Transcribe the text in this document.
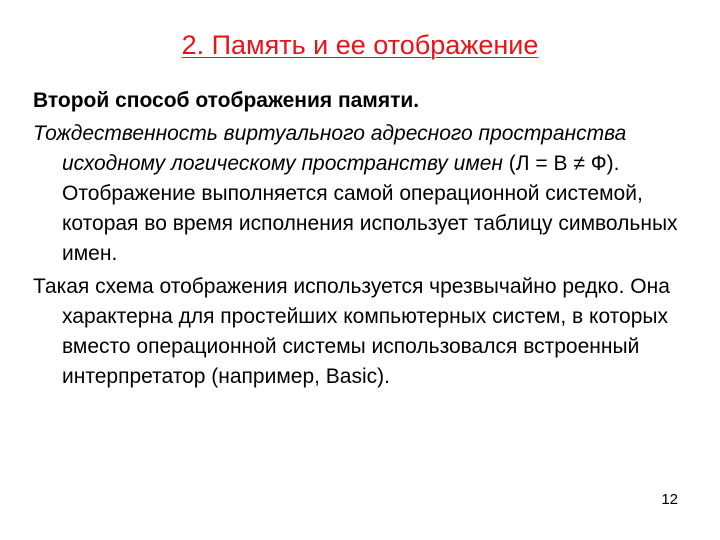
2. Память и ее отображение

Второй способ отображения памяти.

Тождественность виртуального адресного пространства исходному логическому пространству имен (Л = В ≠ Ф). Отображение выполняется самой операционной системой, которая во время исполнения использует таблицу символьных имен.

Такая схема отображения используется чрезвычайно редко. Она характерна для простейших компьютерных систем, в которых вместо операционной системы использовался встроенный интерпретатор (например, Basic).

12
